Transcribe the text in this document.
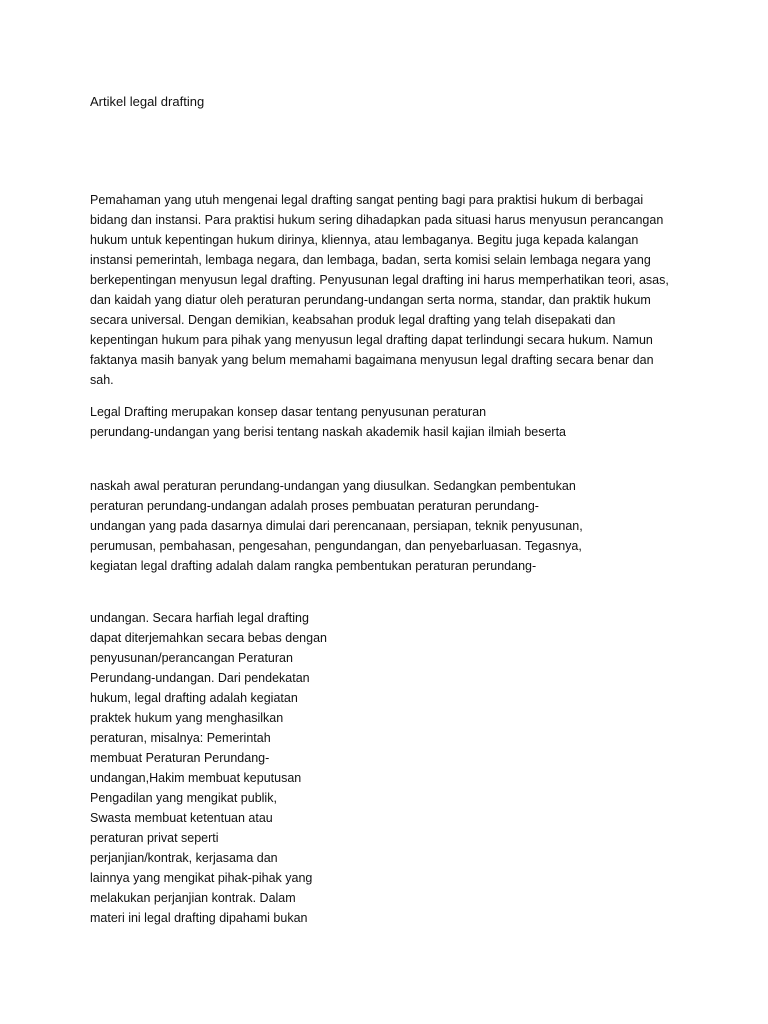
Artikel legal drafting
Pemahaman yang utuh mengenai legal drafting sangat penting bagi para praktisi hukum di berbagai
bidang dan instansi. Para praktisi hukum sering dihadapkan pada situasi harus menyusun perancangan
hukum untuk kepentingan hukum dirinya, kliennya, atau lembaganya. Begitu juga kepada kalangan
instansi pemerintah, lembaga negara, dan lembaga, badan, serta komisi selain lembaga negara yang
berkepentingan menyusun legal drafting. Penyusunan legal drafting ini harus memperhatikan teori, asas,
dan kaidah yang diatur oleh peraturan perundang-undangan serta norma, standar, dan praktik hukum
secara universal. Dengan demikian, keabsahan produk legal drafting yang telah disepakati dan
kepentingan hukum para pihak yang menyusun legal drafting dapat terlindungi secara hukum. Namun
faktanya masih banyak yang belum memahami bagaimana menyusun legal drafting secara benar dan
sah.
Legal Drafting merupakan konsep dasar tentang penyusunan peraturan
perundang-undangan yang berisi tentang naskah akademik hasil kajian ilmiah beserta
naskah awal peraturan perundang-undangan yang diusulkan. Sedangkan pembentukan
peraturan perundang-undangan adalah proses pembuatan peraturan perundang-
undangan yang pada dasarnya dimulai dari perencanaan, persiapan, teknik penyusunan,
perumusan, pembahasan, pengesahan, pengundangan, dan penyebarluasan. Tegasnya,
kegiatan legal drafting adalah dalam rangka pembentukan peraturan perundang-
undangan. Secara harfiah legal drafting
dapat diterjemahkan secara bebas dengan
penyusunan/perancangan Peraturan
Perundang-undangan. Dari pendekatan
hukum, legal drafting adalah kegiatan
praktek hukum yang menghasilkan
peraturan, misalnya: Pemerintah
membuat Peraturan Perundang-
undangan,Hakim membuat keputusan
Pengadilan yang mengikat publik,
Swasta membuat ketentuan atau
peraturan privat seperti
perjanjian/kontrak, kerjasama dan
lainnya yang mengikat pihak-pihak yang
melakukan perjanjian kontrak. Dalam
materi ini legal drafting dipahami bukan
